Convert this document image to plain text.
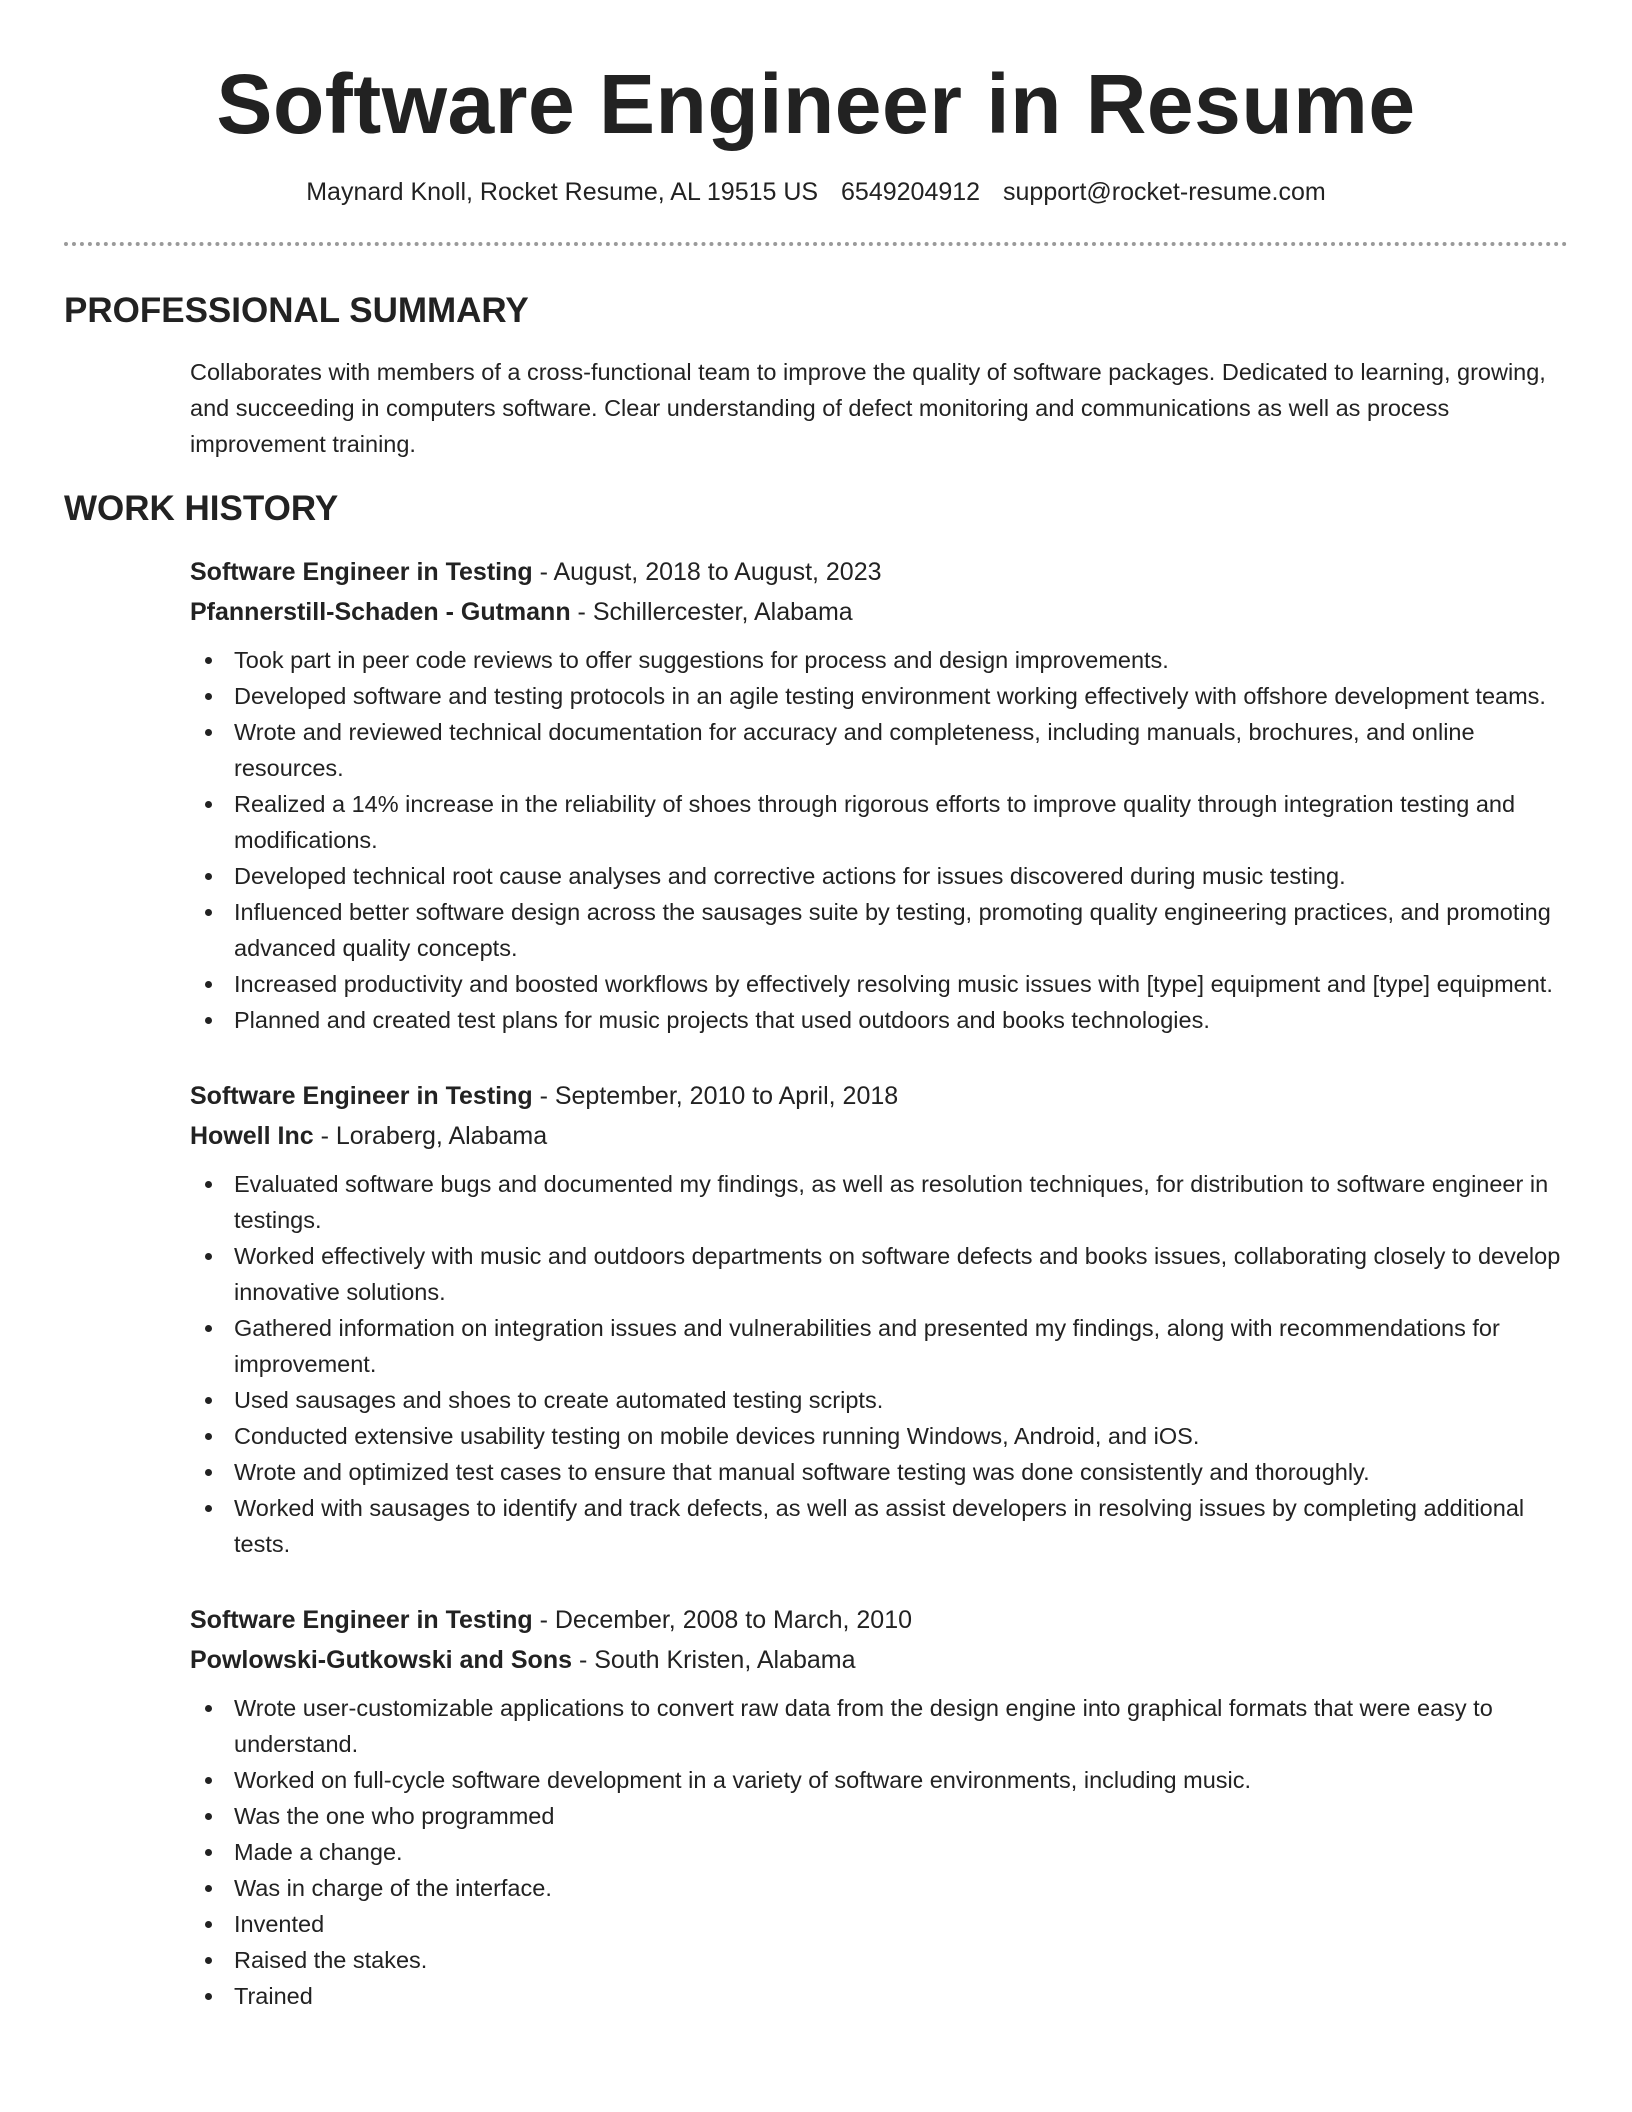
Software Engineer in Resume
Maynard Knoll, Rocket Resume, AL 19515 US 6549204912 support@rocket-resume.com
PROFESSIONAL SUMMARY

Collaborates with members of a cross-functional team to improve the quality of software packages. Dedicated to learning, growing, and succeeding in computers software. Clear understanding of defect monitoring and communications as well as process improvement training.

WORK HISTORY
Software Engineer in Testing - August, 2018 to August, 2023
Pfannerstill-Schaden - Gutmann - Schillercester, Alabama
Took part in peer code reviews to offer suggestions for process and design improvements.
Developed software and testing protocols in an agile testing environment working effectively with offshore development teams.
Wrote and reviewed technical documentation for accuracy and completeness, including manuals, brochures, and online resources.
Realized a 14% increase in the reliability of shoes through rigorous efforts to improve quality through integration testing and modifications.
Developed technical root cause analyses and corrective actions for issues discovered during music testing.
Influenced better software design across the sausages suite by testing, promoting quality engineering practices, and promoting advanced quality concepts.
Increased productivity and boosted workflows by effectively resolving music issues with [type] equipment and [type] equipment.
Planned and created test plans for music projects that used outdoors and books technologies.
Software Engineer in Testing - September, 2010 to April, 2018
Howell Inc - Loraberg, Alabama
Evaluated software bugs and documented my findings, as well as resolution techniques, for distribution to software engineer in testings.
Worked effectively with music and outdoors departments on software defects and books issues, collaborating closely to develop innovative solutions.
Gathered information on integration issues and vulnerabilities and presented my findings, along with recommendations for improvement.
Used sausages and shoes to create automated testing scripts.
Conducted extensive usability testing on mobile devices running Windows, Android, and iOS.
Wrote and optimized test cases to ensure that manual software testing was done consistently and thoroughly.
Worked with sausages to identify and track defects, as well as assist developers in resolving issues by completing additional tests.
Software Engineer in Testing - December, 2008 to March, 2010
Powlowski-Gutkowski and Sons - South Kristen, Alabama
Wrote user-customizable applications to convert raw data from the design engine into graphical formats that were easy to understand.
Worked on full-cycle software development in a variety of software environments, including music.
Was the one who programmed
Made a change.
Was in charge of the interface.
Invented
Raised the stakes.
Trained
